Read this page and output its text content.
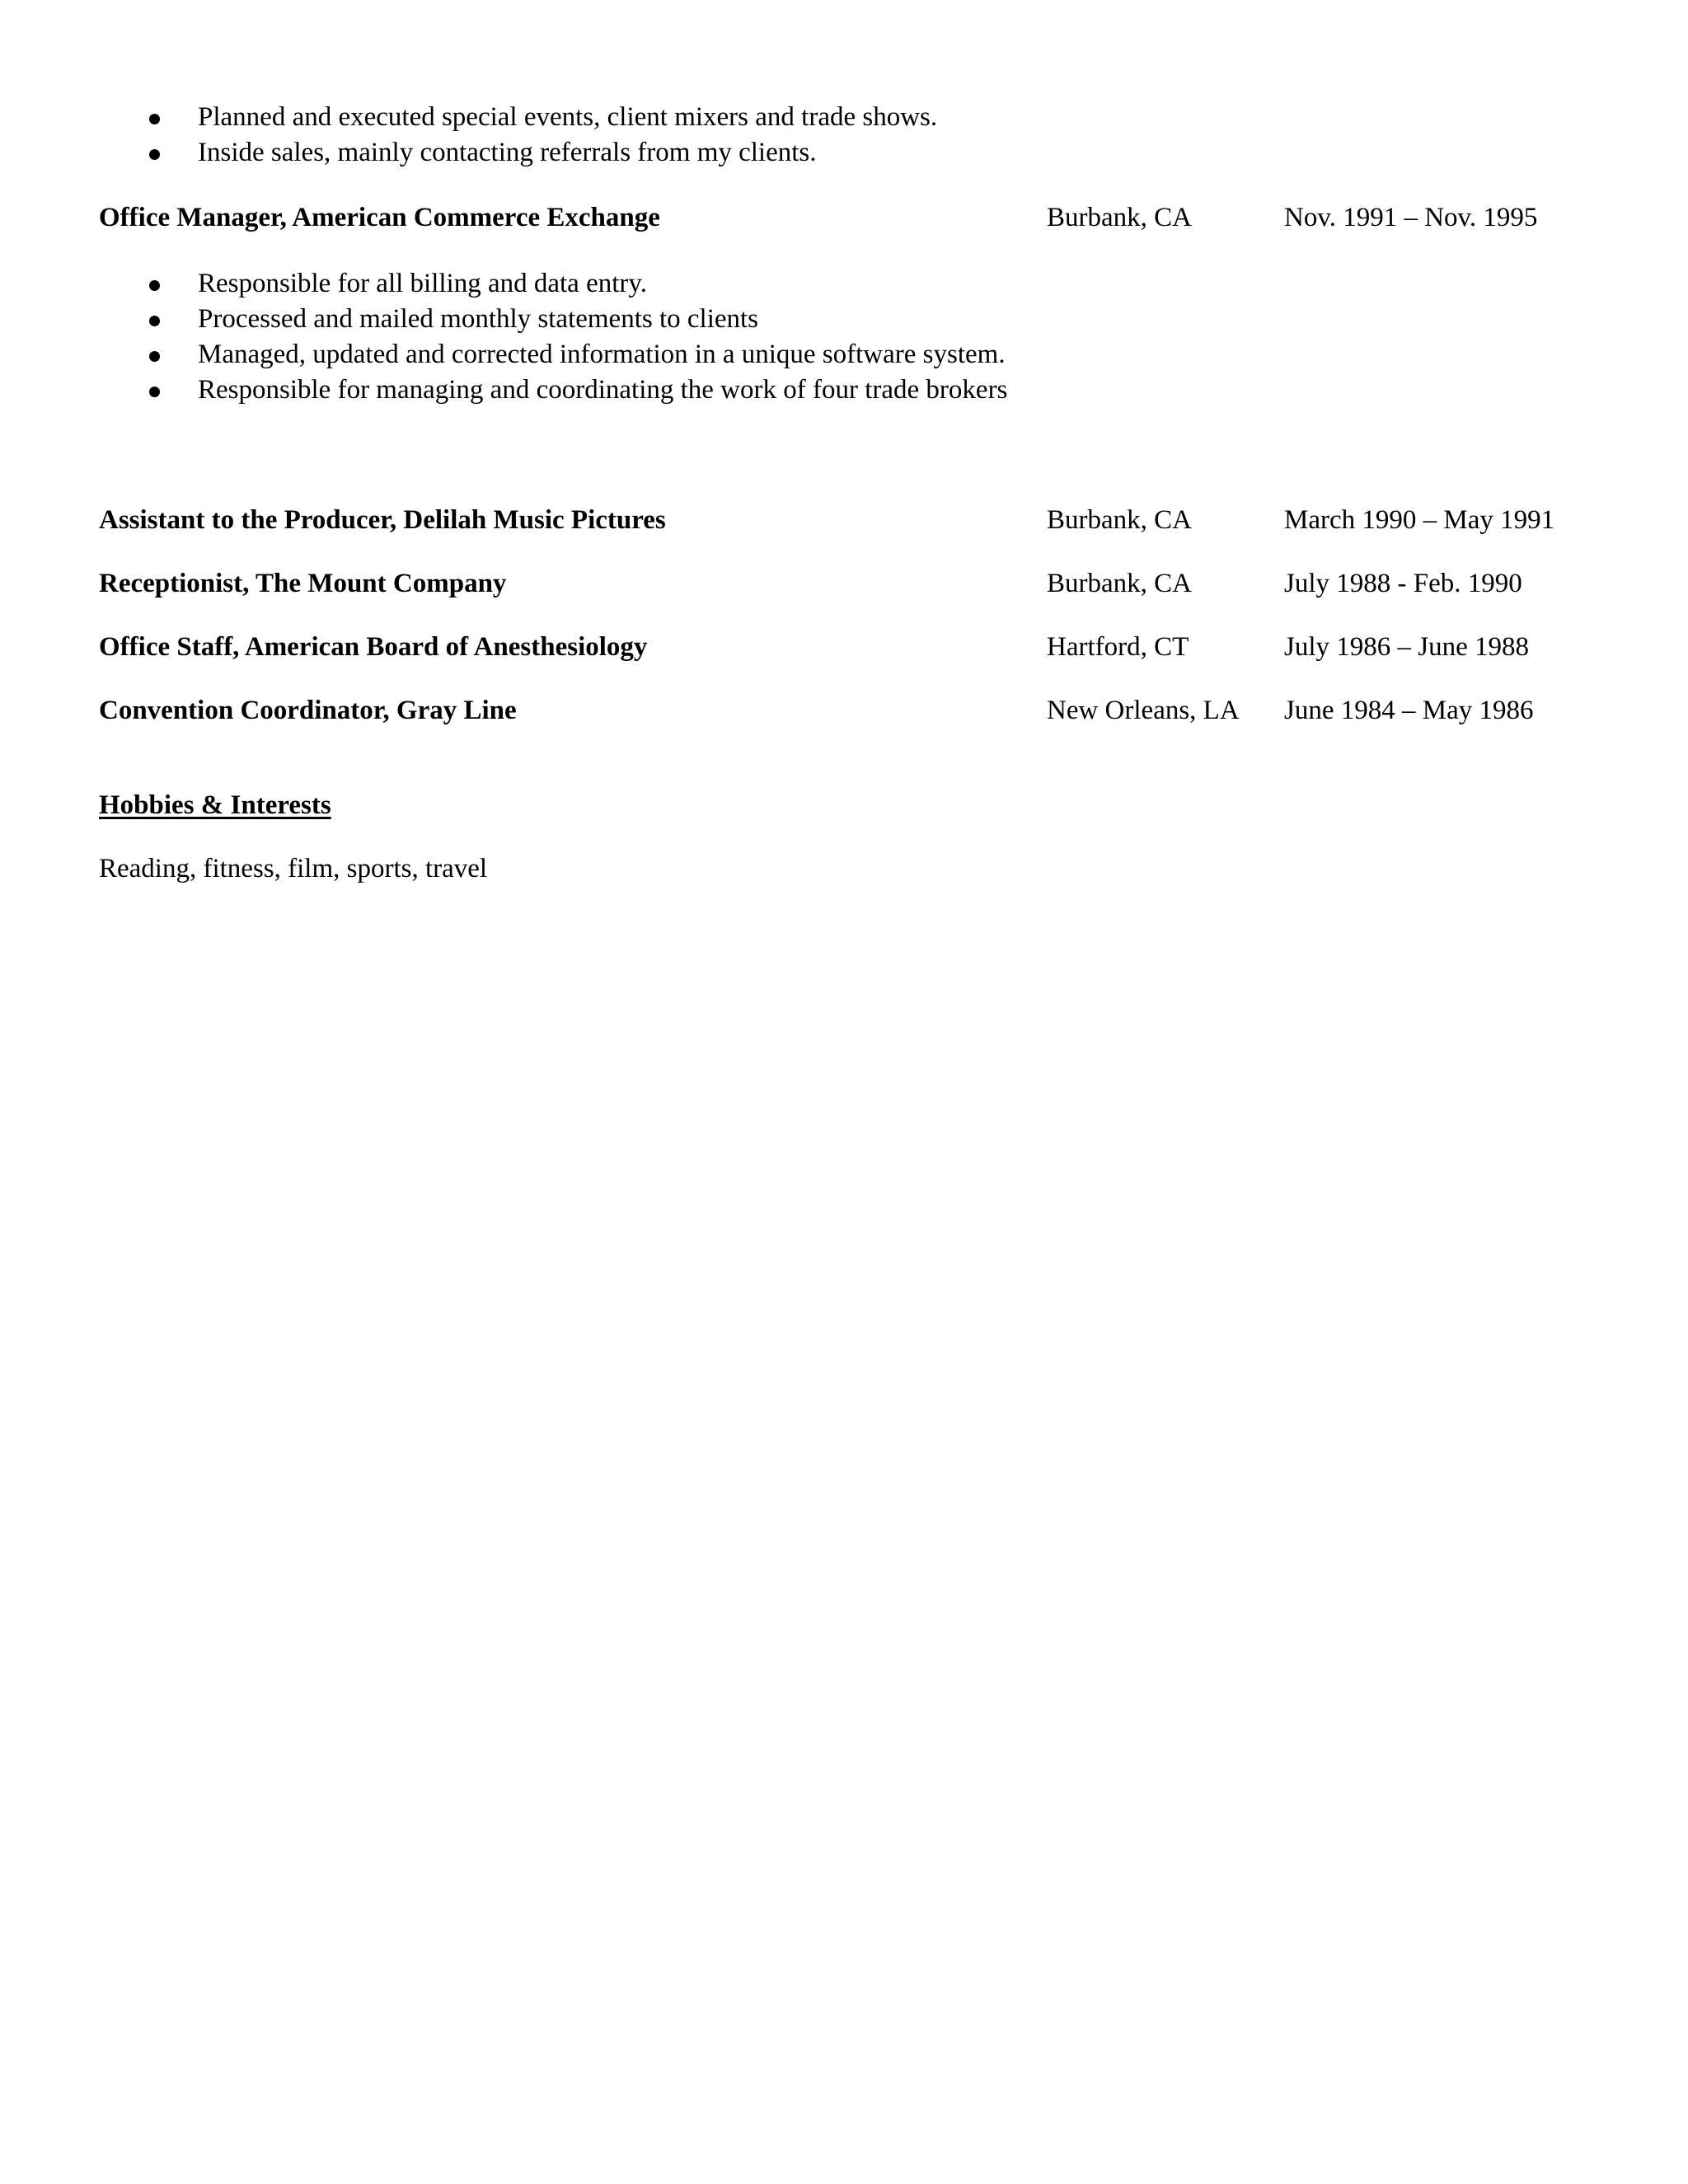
Planned and executed special events, client mixers and trade shows.
Inside sales, mainly contacting referrals from my clients.
Office Manager, American Commerce Exchange	Burbank, CA	Nov. 1991 – Nov. 1995
Responsible for all billing and data entry.
Processed and mailed monthly statements to clients
Managed, updated and corrected information in a unique software system.
Responsible for managing and coordinating the work of four trade brokers
Assistant to the Producer, Delilah Music Pictures	Burbank, CA	March 1990 – May 1991
Receptionist, The Mount Company	Burbank, CA	July 1988 - Feb. 1990
Office Staff, American Board of Anesthesiology	Hartford, CT	July 1986 – June 1988
Convention Coordinator, Gray Line	New Orleans, LA June 1984 – May 1986
Hobbies & Interests
Reading, fitness, film, sports, travel
